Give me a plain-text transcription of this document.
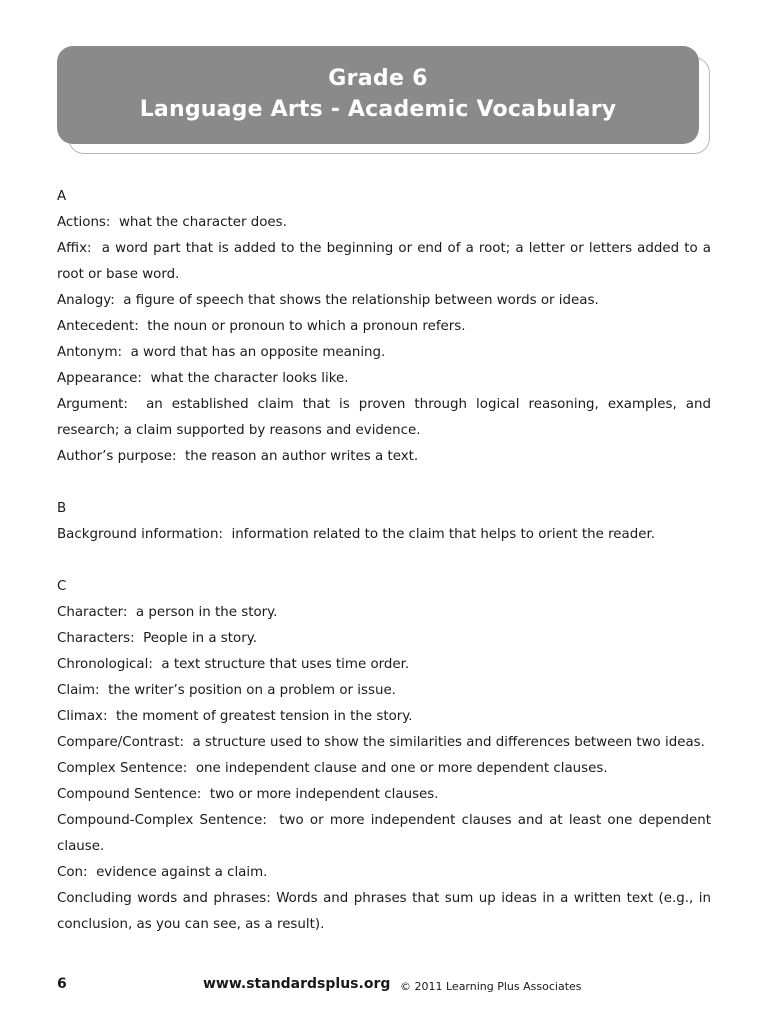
Grade 6
Language Arts - Academic Vocabulary
A
Actions: what the character does.
Affix: a word part that is added to the beginning or end of a root; a letter or letters added to a root or base word.
Analogy: a figure of speech that shows the relationship between words or ideas.
Antecedent: the noun or pronoun to which a pronoun refers.
Antonym: a word that has an opposite meaning.
Appearance: what the character looks like.
Argument: an established claim that is proven through logical reasoning, examples, and research; a claim supported by reasons and evidence.
Author’s purpose: the reason an author writes a text.
B
Background information: information related to the claim that helps to orient the reader.
C
Character: a person in the story.
Characters: People in a story.
Chronological: a text structure that uses time order.
Claim: the writer’s position on a problem or issue.
Climax: the moment of greatest tension in the story.
Compare/Contrast: a structure used to show the similarities and differences between two ideas.
Complex Sentence: one independent clause and one or more dependent clauses.
Compound Sentence: two or more independent clauses.
Compound-Complex Sentence: two or more independent clauses and at least one dependent clause.
Con: evidence against a claim.
Concluding words and phrases: Words and phrases that sum up ideas in a written text (e.g., in conclusion, as you can see, as a result).
6	www.standardsplus.org © 2011 Learning Plus Associates
